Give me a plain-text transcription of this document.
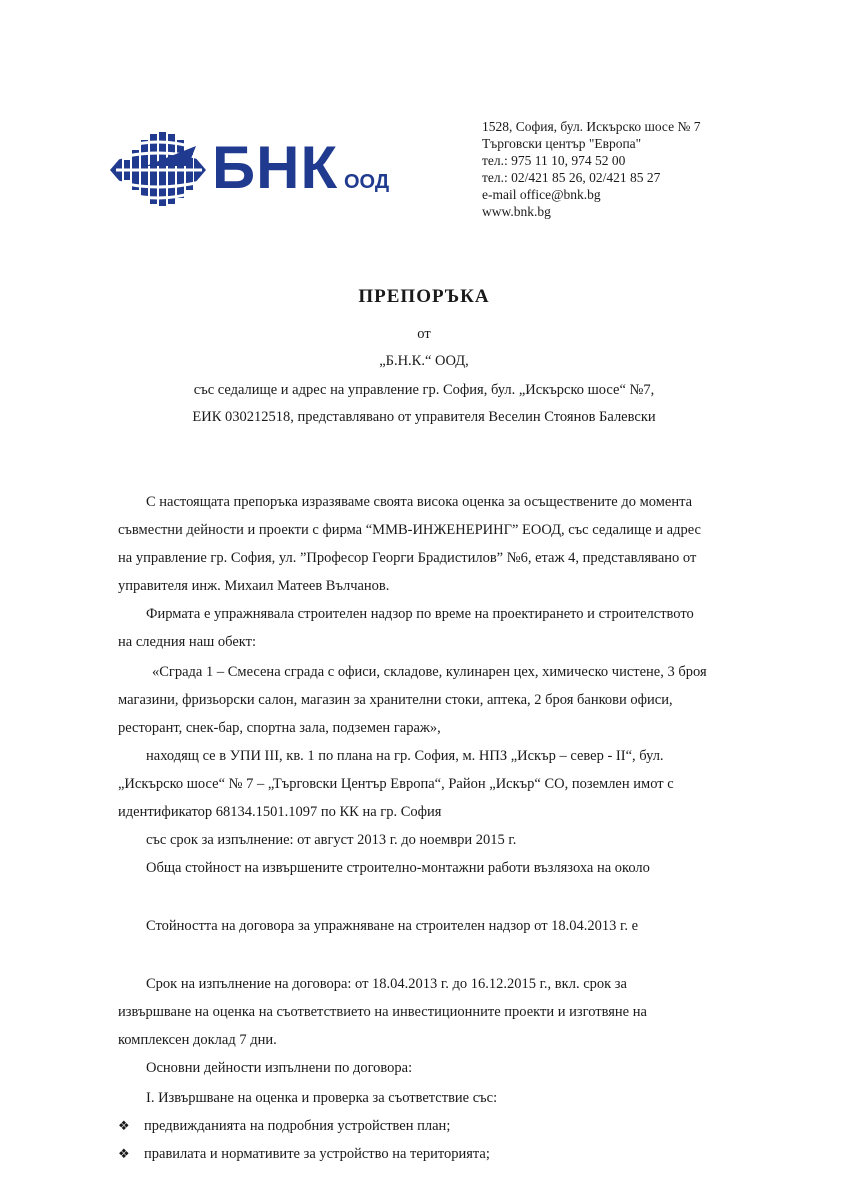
БНК ООД
1528, София, бул. Искърско шосе № 7
Търговски център "Европа"
тел.: 975 11 10, 974 52 00
тел.: 02/421 85 26, 02/421 85 27
e-mail office@bnk.bg
www.bnk.bg
ПРЕПОРЪКА
от
„Б.Н.К.“ ООД,
със седалище и адрес на управление гр. София, бул. „Искърско шосе“ №7,
ЕИК 030212518, представлявано от управителя Веселин Стоянов Балевски
С настоящата препоръка изразяваме своята висока оценка за осъществените до момента
съвместни дейности и проекти с фирма “ММВ-ИНЖЕНЕРИНГ” ЕООД, със седалище и адрес
на управление гр. София, ул. ”Професор Георги Брадистилов” №6, етаж 4, представлявано от
управителя инж. Михаил Матеев Вълчанов.
Фирмата е упражнявала строителен надзор по време на проектирането и строителството
на следния наш обект:
«Сграда 1 – Смесена сграда с офиси, складове, кулинарен цех, химическо чистене, 3 броя
магазини, фризьорски салон, магазин за хранителни стоки, аптека, 2 броя банкови офиси,
ресторант, снек-бар, спортна зала, подземен гараж»,
находящ се в УПИ III, кв. 1 по плана на гр. София, м. НПЗ „Искър – север - II“, бул.
„Искърско шосе“ № 7 – „Търговски Център Европа“, Район „Искър“ СО, поземлен имот с
идентификатор 68134.1501.1097 по КК на гр. София
със срок за изпълнение: от август 2013 г. до ноември 2015 г.
Обща стойност на извършените строително-монтажни работи възлязоха на около
Стойността на договора за упражняване на строителен надзор от 18.04.2013 г. е
Срок на изпълнение на договора: от 18.04.2013 г. до 16.12.2015 г., вкл. срок за
извършване на оценка на съответствието на инвестиционните проекти и изготвяне на
комплексен доклад 7 дни.
Основни дейности изпълнени по договора:
I. Извършване на оценка и проверка за съответствие със:
❖ предвижданията на подробния устройствен план;
❖ правилата и нормативите за устройство на територията;
